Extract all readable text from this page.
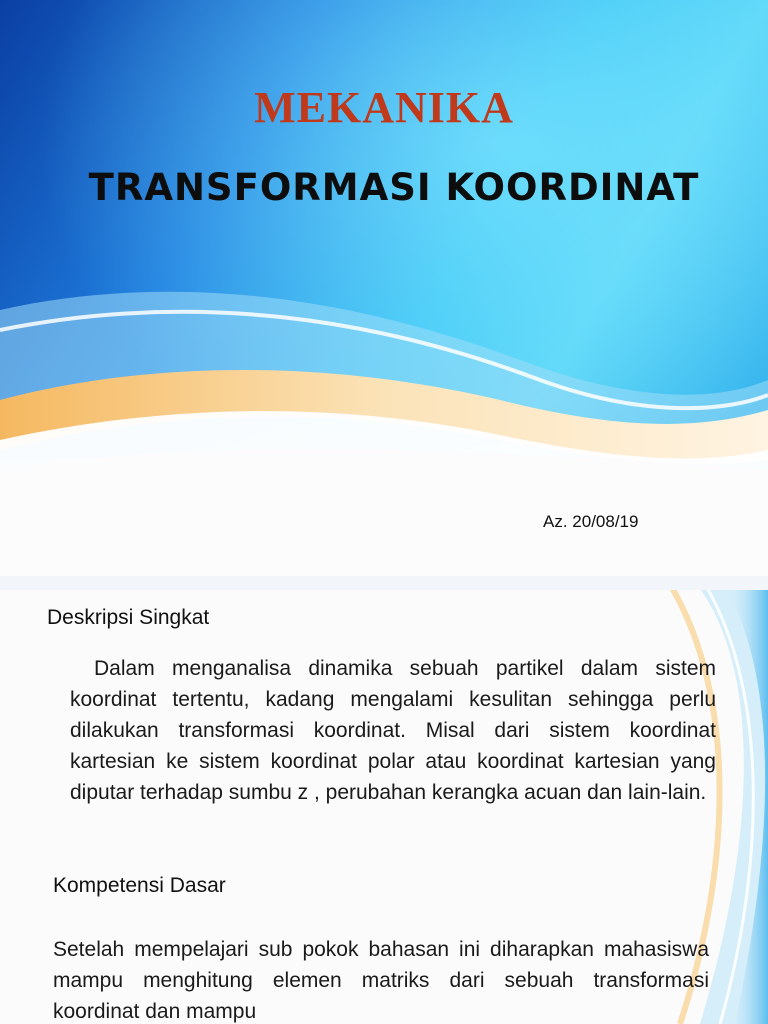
MEKANIKA
TRANSFORMASI KOORDINAT
Az. 20/08/19
Deskripsi Singkat

Dalam menganalisa dinamika sebuah partikel dalam sistem koordinat tertentu, kadang mengalami kesulitan sehingga perlu dilakukan transformasi koordinat. Misal dari sistem koordinat kartesian ke sistem koordinat polar atau koordinat kartesian yang diputar terhadap sumbu z , perubahan kerangka acuan dan lain-lain.

Kompetensi Dasar

Setelah mempelajari sub pokok bahasan ini diharapkan mahasiswa mampu menghitung elemen matriks dari sebuah transformasi koordinat dan mampu
